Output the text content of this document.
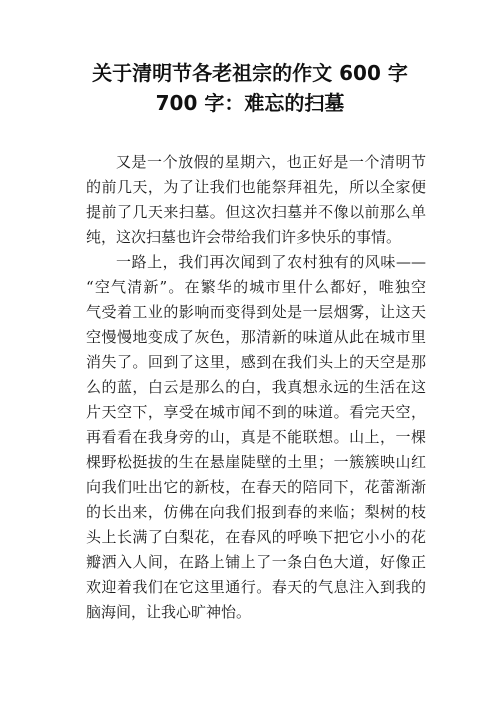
关于清明节各老祖宗的作文 600 字
700 字：难忘的扫墓
又是一个放假的星期六，也正好是一个清明节
的前几天，为了让我们也能祭拜祖先，所以全家便
提前了几天来扫墓。但这次扫墓并不像以前那么单
纯，这次扫墓也许会带给我们许多快乐的事情。
一路上，我们再次闻到了农村独有的风味——
“空气清新”。在繁华的城市里什么都好，唯独空
气受着工业的影响而变得到处是一层烟雾，让这天
空慢慢地变成了灰色，那清新的味道从此在城市里
消失了。回到了这里，感到在我们头上的天空是那
么的蓝，白云是那么的白，我真想永远的生活在这
片天空下，享受在城市闻不到的味道。看完天空，
再看看在我身旁的山，真是不能联想。山上，一棵
棵野松挺拔的生在悬崖陡壁的土里；一簇簇映山红
向我们吐出它的新枝，在春天的陪同下，花蕾渐渐
的长出来，仿佛在向我们报到春的来临；梨树的枝
头上长满了白梨花，在春风的呼唤下把它小小的花
瓣洒入人间，在路上铺上了一条白色大道，好像正
欢迎着我们在它这里通行。春天的气息注入到我的
脑海间，让我心旷神怡。
